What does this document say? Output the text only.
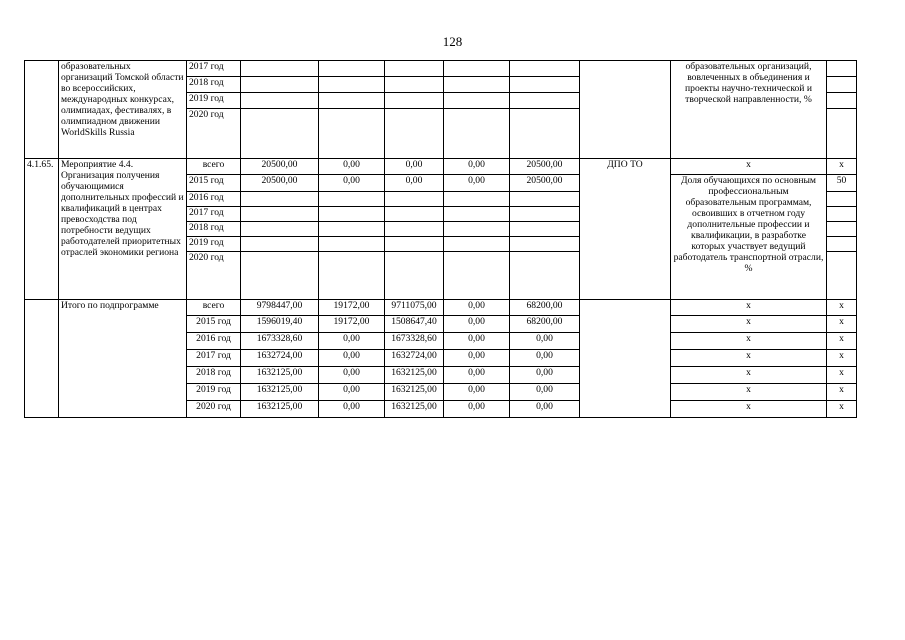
128
	образовательных организаций Томской области во всероссийских, международных конкурсах, олимпиадах, фестивалях, в олимпиадном движении WorldSkills Russia	2017 год							образовательных организаций, вовлеченных в объединения и проекты научно-технической и творческой направленности, %	
		2018 год								
		2019 год								
		2020 год								
4.1.65.	Мероприятие 4.4. Организация получения обучающимися дополнительных профессий и квалификаций в центрах превосходства под потребности ведущих работодателей приоритетных отраслей экономики региона	всего	20500,00	0,00	0,00	0,00	20500,00	ДПО ТО	x	x
		2015 год	20500,00	0,00	0,00	0,00	20500,00		Доля обучающихся по основным профессиональным образовательным программам, освоивших в отчетном году дополнительные профессии и квалификации, в разработке которых участвует ведущий работодатель транспортной отрасли, %	50
		2016 год								
		2017 год								
		2018 год								
		2019 год								
		2020 год								
	Итого по подпрограмме	всего	9798447,00	19172,00	9711075,00	0,00	68200,00		x	x
		2015 год	1596019,40	19172,00	1508647,40	0,00	68200,00		x	x
		2016 год	1673328,60	0,00	1673328,60	0,00	0,00		x	x
		2017 год	1632724,00	0,00	1632724,00	0,00	0,00		x	x
		2018 год	1632125,00	0,00	1632125,00	0,00	0,00		x	x
		2019 год	1632125,00	0,00	1632125,00	0,00	0,00		x	x
		2020 год	1632125,00	0,00	1632125,00	0,00	0,00		x	x
